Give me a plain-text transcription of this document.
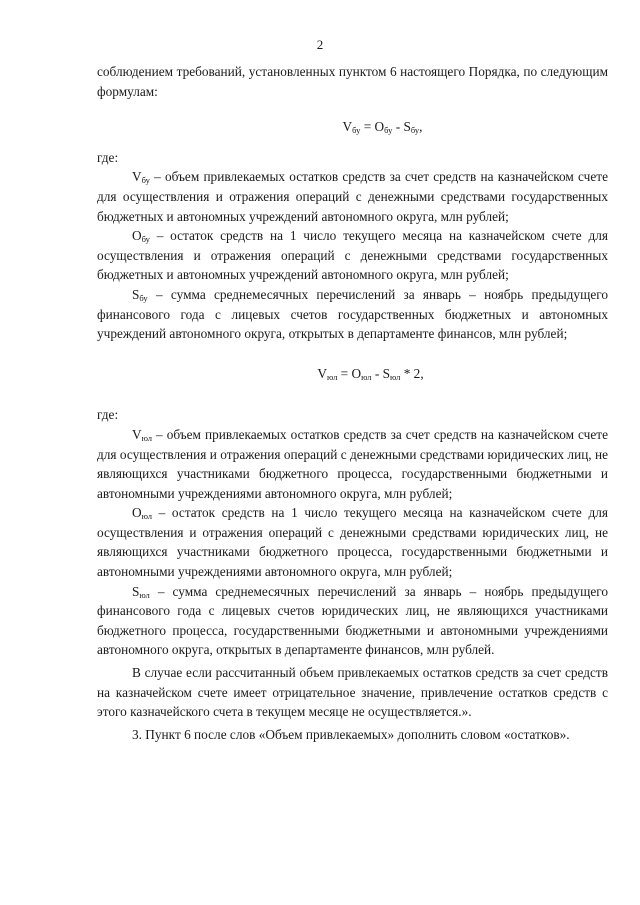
2

соблюдением требований, установленных пунктом 6 настоящего Порядка, по следующим формулам:

$V_{бу} = O_{бу} - S_{бу}$,

где:

$V_{бу}$ – объем привлекаемых остатков средств за счет средств на казначейском счете для осуществления и отражения операций с денежными средствами государственных бюджетных и автономных учреждений автономного округа, млн рублей;

$O_{бу}$ – остаток средств на 1 число текущего месяца на казначейском счете для осуществления и отражения операций с денежными средствами государственных бюджетных и автономных учреждений автономного округа, млн рублей;

$S_{бу}$ – сумма среднемесячных перечислений за январь – ноябрь предыдущего финансового года с лицевых счетов государственных бюджетных и автономных учреждений автономного округа, открытых в департаменте финансов, млн рублей;

$V_{юл} = O_{юл} - S_{юл} * 2$,

где:

$V_{юл}$ – объем привлекаемых остатков средств за счет средств на казначейском счете для осуществления и отражения операций с денежными средствами юридических лиц, не являющихся участниками бюджетного процесса, государственными бюджетными и автономными учреждениями автономного округа, млн рублей;

$O_{юл}$ – остаток средств на 1 число текущего месяца на казначейском счете для осуществления и отражения операций с денежными средствами юридических лиц, не являющихся участниками бюджетного процесса, государственными бюджетными и автономными учреждениями автономного округа, млн рублей;

$S_{юл}$ – сумма среднемесячных перечислений за январь – ноябрь предыдущего финансового года с лицевых счетов юридических лиц, не являющихся участниками бюджетного процесса, государственными бюджетными и автономными учреждениями автономного округа, открытых в департаменте финансов, млн рублей.

В случае если рассчитанный объем привлекаемых остатков средств за счет средств на казначейском счете имеет отрицательное значение, привлечение остатков средств с этого казначейского счета в текущем месяце не осуществляется.».

3. Пункт 6 после слов «Объем привлекаемых» дополнить словом «остатков».
